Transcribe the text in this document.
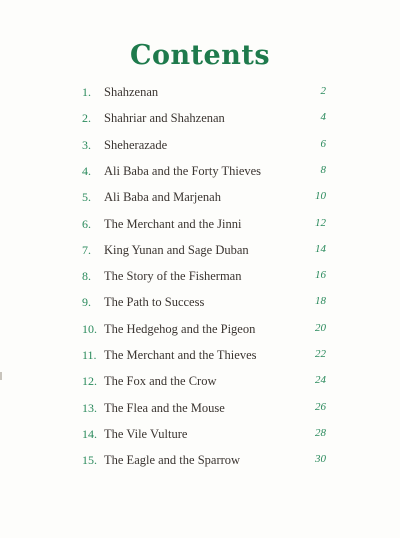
Contents
1. Shahzenan	2
2. Shahriar and Shahzenan	4
3. Sheherazade	6
4. Ali Baba and the Forty Thieves	8
5. Ali Baba and Marjenah	10
6. The Merchant and the Jinni	12
7. King Yunan and Sage Duban	14
8. The Story of the Fisherman	16
9. The Path to Success	18
10. The Hedgehog and the Pigeon	20
11. The Merchant and the Thieves	22
12. The Fox and the Crow	24
13. The Flea and the Mouse	26
14. The Vile Vulture	28
15. The Eagle and the Sparrow	30
